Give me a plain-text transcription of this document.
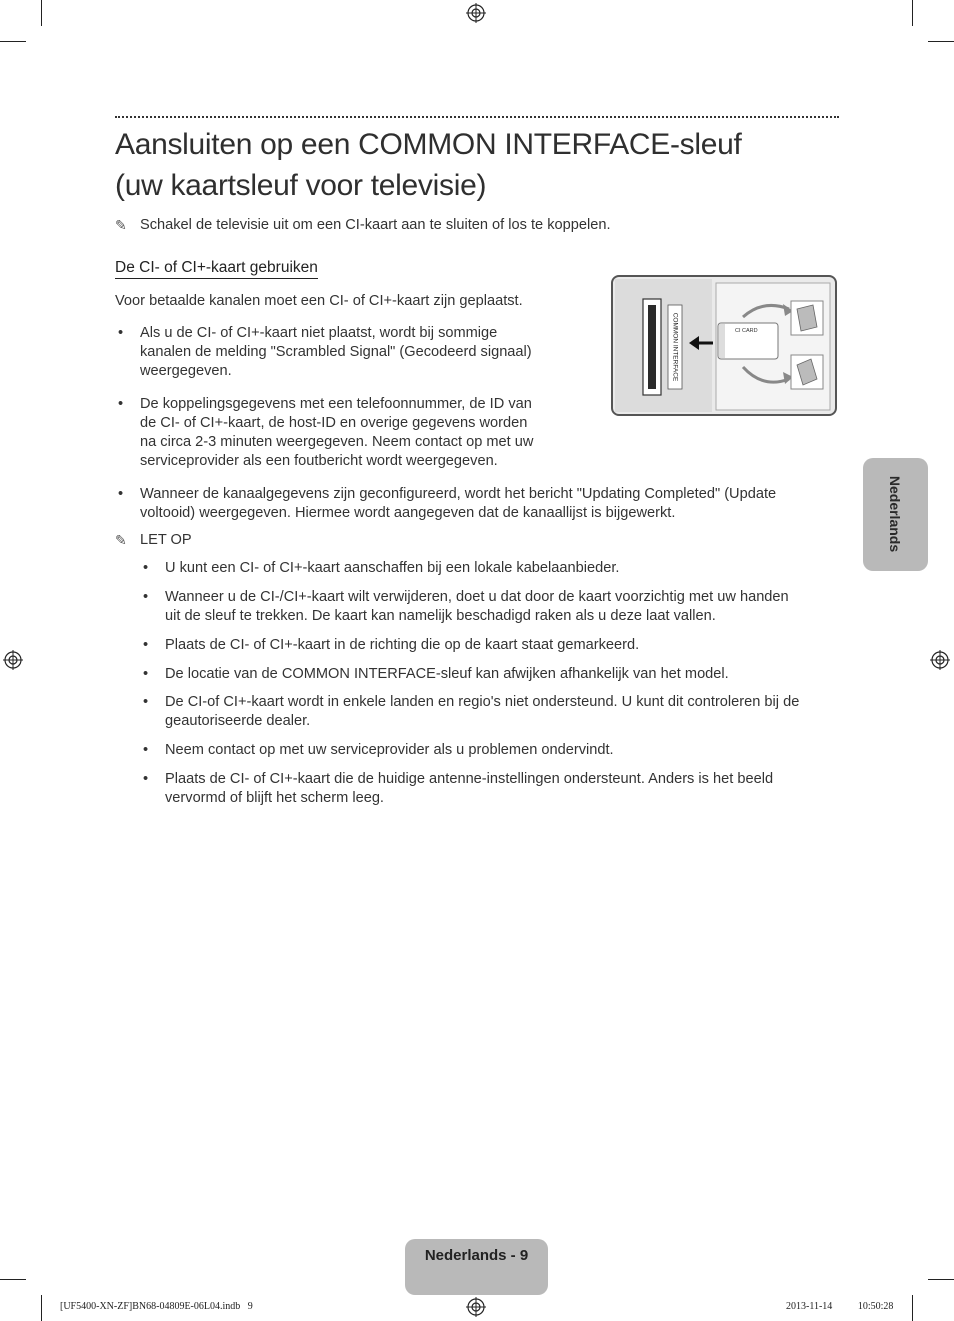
Aansluiten op een COMMON INTERFACE-sleuf
(uw kaartsleuf voor televisie)
✎ Schakel de televisie uit om een CI-kaart aan te sluiten of los te koppelen.
De CI- of CI+-kaart gebruiken
Voor betaalde kanalen moet een CI- of CI+-kaart zijn geplaatst.
• Als u de CI- of CI+-kaart niet plaatst, wordt bij sommige
kanalen de melding "Scrambled Signal" (Gecodeerd signaal)
weergegeven.
• De koppelingsgegevens met een telefoonnummer, de ID van
de CI- of CI+-kaart, de host-ID en overige gegevens worden
na circa 2-3 minuten weergegeven. Neem contact op met uw
serviceprovider als een foutbericht wordt weergegeven.
• Wanneer de kanaalgegevens zijn geconfigureerd, wordt het bericht "Updating Completed" (Update
voltooid) weergegeven. Hiermee wordt aangegeven dat de kanaallijst is bijgewerkt.
COMMON INTERFACE	CI CARD
✎ LET OP
• U kunt een CI- of CI+-kaart aanschaffen bij een lokale kabelaanbieder.
• Wanneer u de CI-/CI+-kaart wilt verwijderen, doet u dat door de kaart voorzichtig met uw handen
uit de sleuf te trekken. De kaart kan namelijk beschadigd raken als u deze laat vallen.
• Plaats de CI- of CI+-kaart in de richting die op de kaart staat gemarkeerd.
• De locatie van de COMMON INTERFACE-sleuf kan afwijken afhankelijk van het model.
• De CI-of CI+-kaart wordt in enkele landen en regio's niet ondersteund. U kunt dit controleren bij de
geautoriseerde dealer.
• Neem contact op met uw serviceprovider als u problemen ondervindt.
• Plaats de CI- of CI+-kaart die de huidige antenne-instellingen ondersteunt. Anders is het beeld
vervormd of blijft het scherm leeg.
Nederlands
Nederlands - 9
[UF5400-XN-ZF]BN68-04809E-06L04.indb   9	2013-11-14   ￿￿ 10:50:28
